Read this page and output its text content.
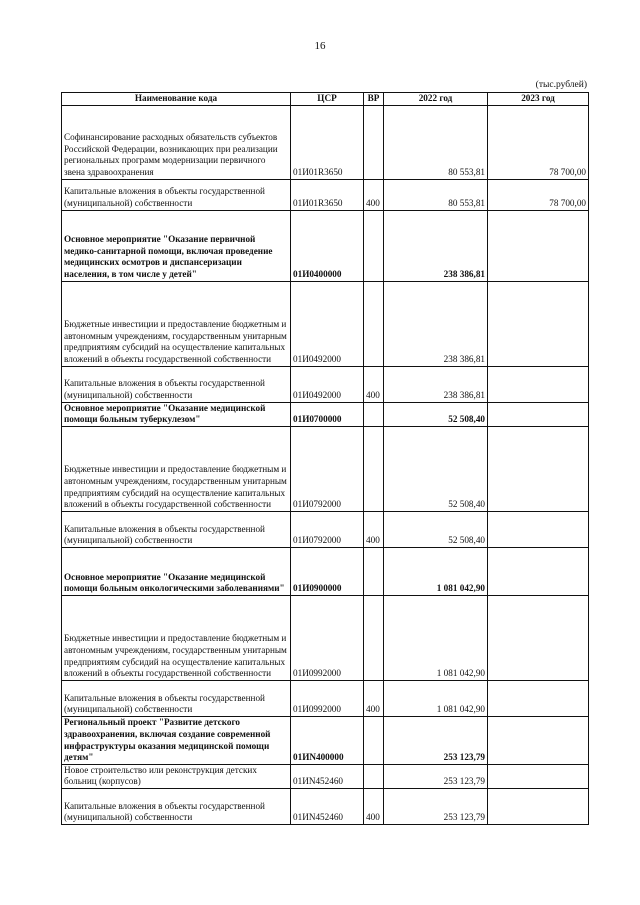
16
(тыс.рублей)
Наименование кода	ЦСР	ВР	2022 год	2023 год
Софинансирование расходных обязательств субъектов Российской Федерации, возникающих при реализации региональных программ модернизации первичного звена здравоохранения	01И01R3650		80 553,81	78 700,00
Капитальные вложения в объекты государственной (муниципальной) собственности	01И01R3650	400	80 553,81	78 700,00
Основное мероприятие "Оказание первичной медико-санитарной помощи, включая проведение медицинских осмотров и диспансеризации населения, в том числе у детей"	01И0400000		238 386,81	
Бюджетные инвестиции и предоставление бюджетным и автономным учреждениям, государственным унитарным предприятиям субсидий на осуществление капитальных вложений в объекты государственной собственности	01И0492000		238 386,81	
Капитальные вложения в объекты государственной (муниципальной) собственности	01И0492000	400	238 386,81	
Основное мероприятие "Оказание медицинской помощи больным туберкулезом"	01И0700000		52 508,40	
Бюджетные инвестиции и предоставление бюджетным и автономным учреждениям, государственным унитарным предприятиям субсидий на осуществление капитальных вложений в объекты государственной собственности	01И0792000		52 508,40	
Капитальные вложения в объекты государственной (муниципальной) собственности	01И0792000	400	52 508,40	
Основное мероприятие "Оказание медицинской помощи больным онкологическими заболеваниями"	01И0900000		1 081 042,90	
Бюджетные инвестиции и предоставление бюджетным и автономным учреждениям, государственным унитарным предприятиям субсидий на осуществление капитальных вложений в объекты государственной собственности	01И0992000		1 081 042,90	
Капитальные вложения в объекты государственной (муниципальной) собственности	01И0992000	400	1 081 042,90	
Региональный проект "Развитие детского здравоохранения, включая создание современной инфраструктуры оказания медицинской помощи детям"	01ИN400000		253 123,79	
Новое строительство или реконструкция детских больниц (корпусов)	01ИN452460		253 123,79	
Капитальные вложения в объекты государственной (муниципальной) собственности	01ИN452460	400	253 123,79	
